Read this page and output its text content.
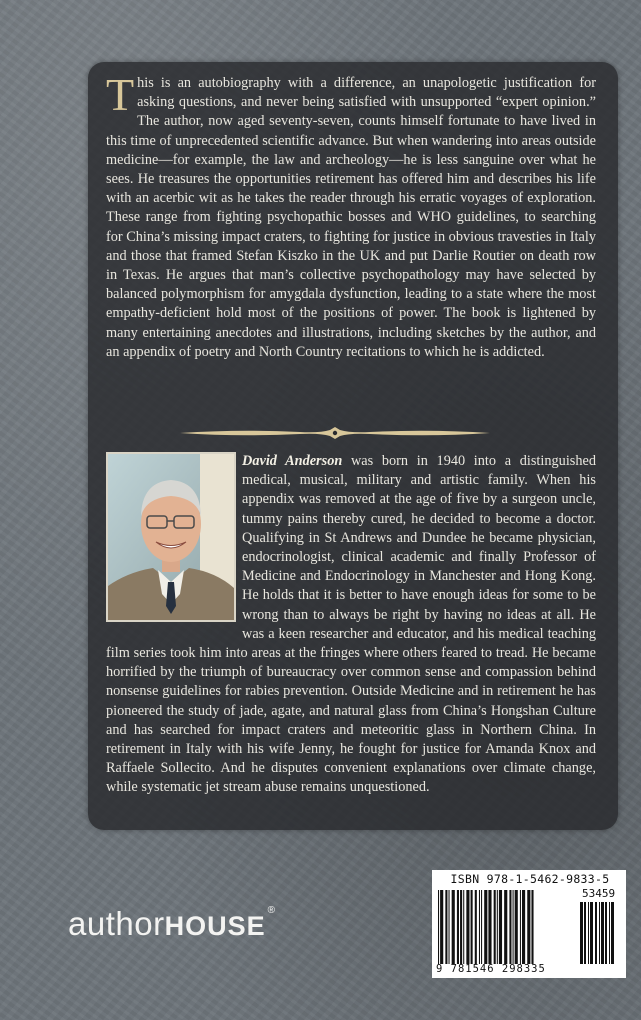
This is an autobiography with a difference, an unapologetic justification for asking questions, and never being satisfied with unsupported “expert opinion.” The author, now aged seventy-seven, counts himself fortunate to have lived in this time of unprecedented scientific advance. But when wandering into areas outside medicine—for example, the law and archeology—he is less sanguine over what he sees. He treasures the opportunities retirement has offered him and describes his life with an acerbic wit as he takes the reader through his erratic voyages of exploration. These range from fighting psychopathic bosses and WHO guidelines, to searching for China’s missing impact craters, to fighting for justice in obvious travesties in Italy and those that framed Stefan Kiszko in the UK and put Darlie Routier on death row in Texas. He argues that man’s collective psychopathology may have selected by balanced polymorphism for amygdala dysfunction, leading to a state where the most empathy-deficient hold most of the positions of power. The book is lightened by many entertaining anecdotes and illustrations, including sketches by the author, and an appendix of poetry and North Country recitations to which he is addicted.
David Anderson was born in 1940 into a distinguished medical, musical, military and artistic family. When his appendix was removed at the age of five by a surgeon uncle, tummy pains thereby cured, he decided to become a doctor. Qualifying in St Andrews and Dundee he became physician, endocrinologist, clinical academic and finally Professor of Medicine and Endocrinology in Manchester and Hong Kong. He holds that it is better to have enough ideas for some to be wrong than to always be right by having no ideas at all. He was a keen researcher and educator, and his medical teaching film series took him into areas at the fringes where others feared to tread. He became horrified by the triumph of bureaucracy over common sense and compassion behind nonsense guidelines for rabies prevention. Outside Medicine and in retirement he has pioneered the study of jade, agate, and natural glass from China’s Hongshan Culture and has searched for impact craters and meteoritic glass in Northern China. In retirement in Italy with his wife Jenny, he fought for justice for Amanda Knox and Raffaele Sollecito. And he disputes convenient explanations over climate change, while systematic jet stream abuse remains unquestioned.
authorHOUSE®
ISBN 978-1-5462-9833-5
53459
9 781546 298335
